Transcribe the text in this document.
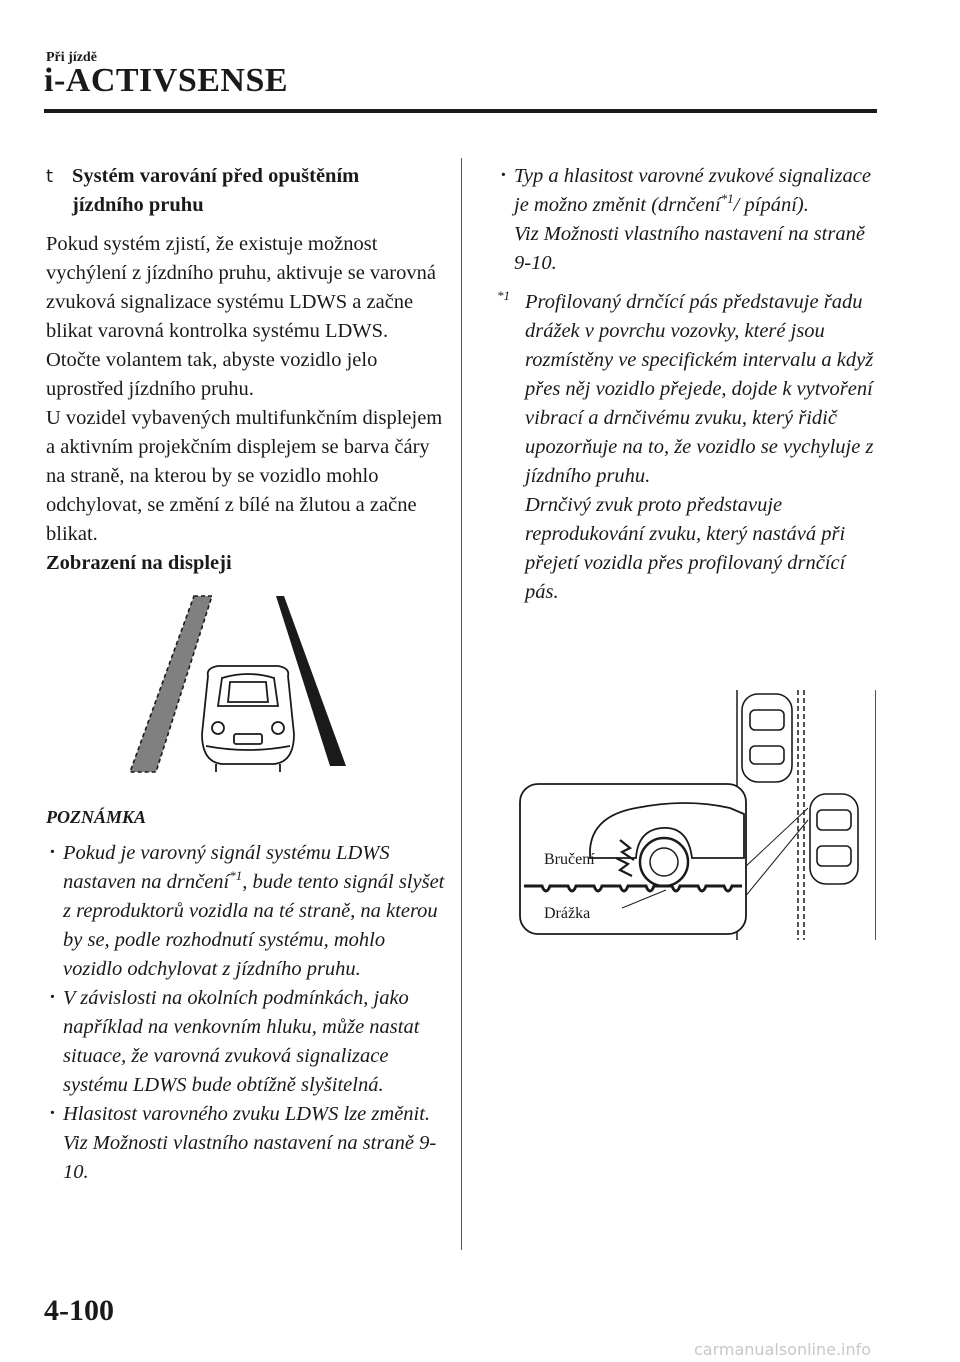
Při jízdě
i-ACTIVSENSE
t Systém varování před opuštěním
jízdního pruhu

Pokud systém zjistí, že existuje možnost vychýlení z jízdního pruhu, aktivuje se varovná zvuková signalizace systému LDWS a začne blikat varovná kontrolka systému LDWS. Otočte volantem tak, abyste vozidlo jelo uprostřed jízdního pruhu.

U vozidel vybavených multifunkčním displejem a aktivním projekčním displejem se barva čáry na straně, na kterou by se vozidlo mohlo odchylovat, se změní z bílé na žlutou a začne blikat.

Zobrazení na displeji
POZNÁMKA
· Pokud je varovný signál systému LDWS nastaven na drnčení$^{*1}$, bude tento signál slyšet z reproduktorů vozidla na té straně, na kterou by se, podle rozhodnutí systému, mohlo vozidlo odchylovat z jízdního pruhu.
· V závislosti na okolních podmínkách, jako například na venkovním hluku, může nastat situace, že varovná zvuková signalizace systému LDWS bude obtížně slyšitelná.
· Hlasitost varovného zvuku LDWS lze změnit.
Viz Možnosti vlastního nastavení na straně 9-10.
· Typ a hlasitost varovné zvukové signalizace je možno změnit (drnčení$^{*1}$/ pípání).
Viz Možnosti vlastního nastavení na straně 9-10.
$^{*1}$ Profilovaný drnčící pás představuje řadu drážek v povrchu vozovky, které jsou rozmístěny ve specifickém intervalu a když přes něj vozidlo přejede, dojde k vytvoření vibrací a drnčivému zvuku, který řidič upozorňuje na to, že vozidlo se vychyluje z jízdního pruhu.
Drnčivý zvuk proto představuje reprodukování zvuku, který nastává při přejetí vozidla přes profilovaný drnčící pás.
Bručení
Drážka
4-100
carmanualsonline.info
